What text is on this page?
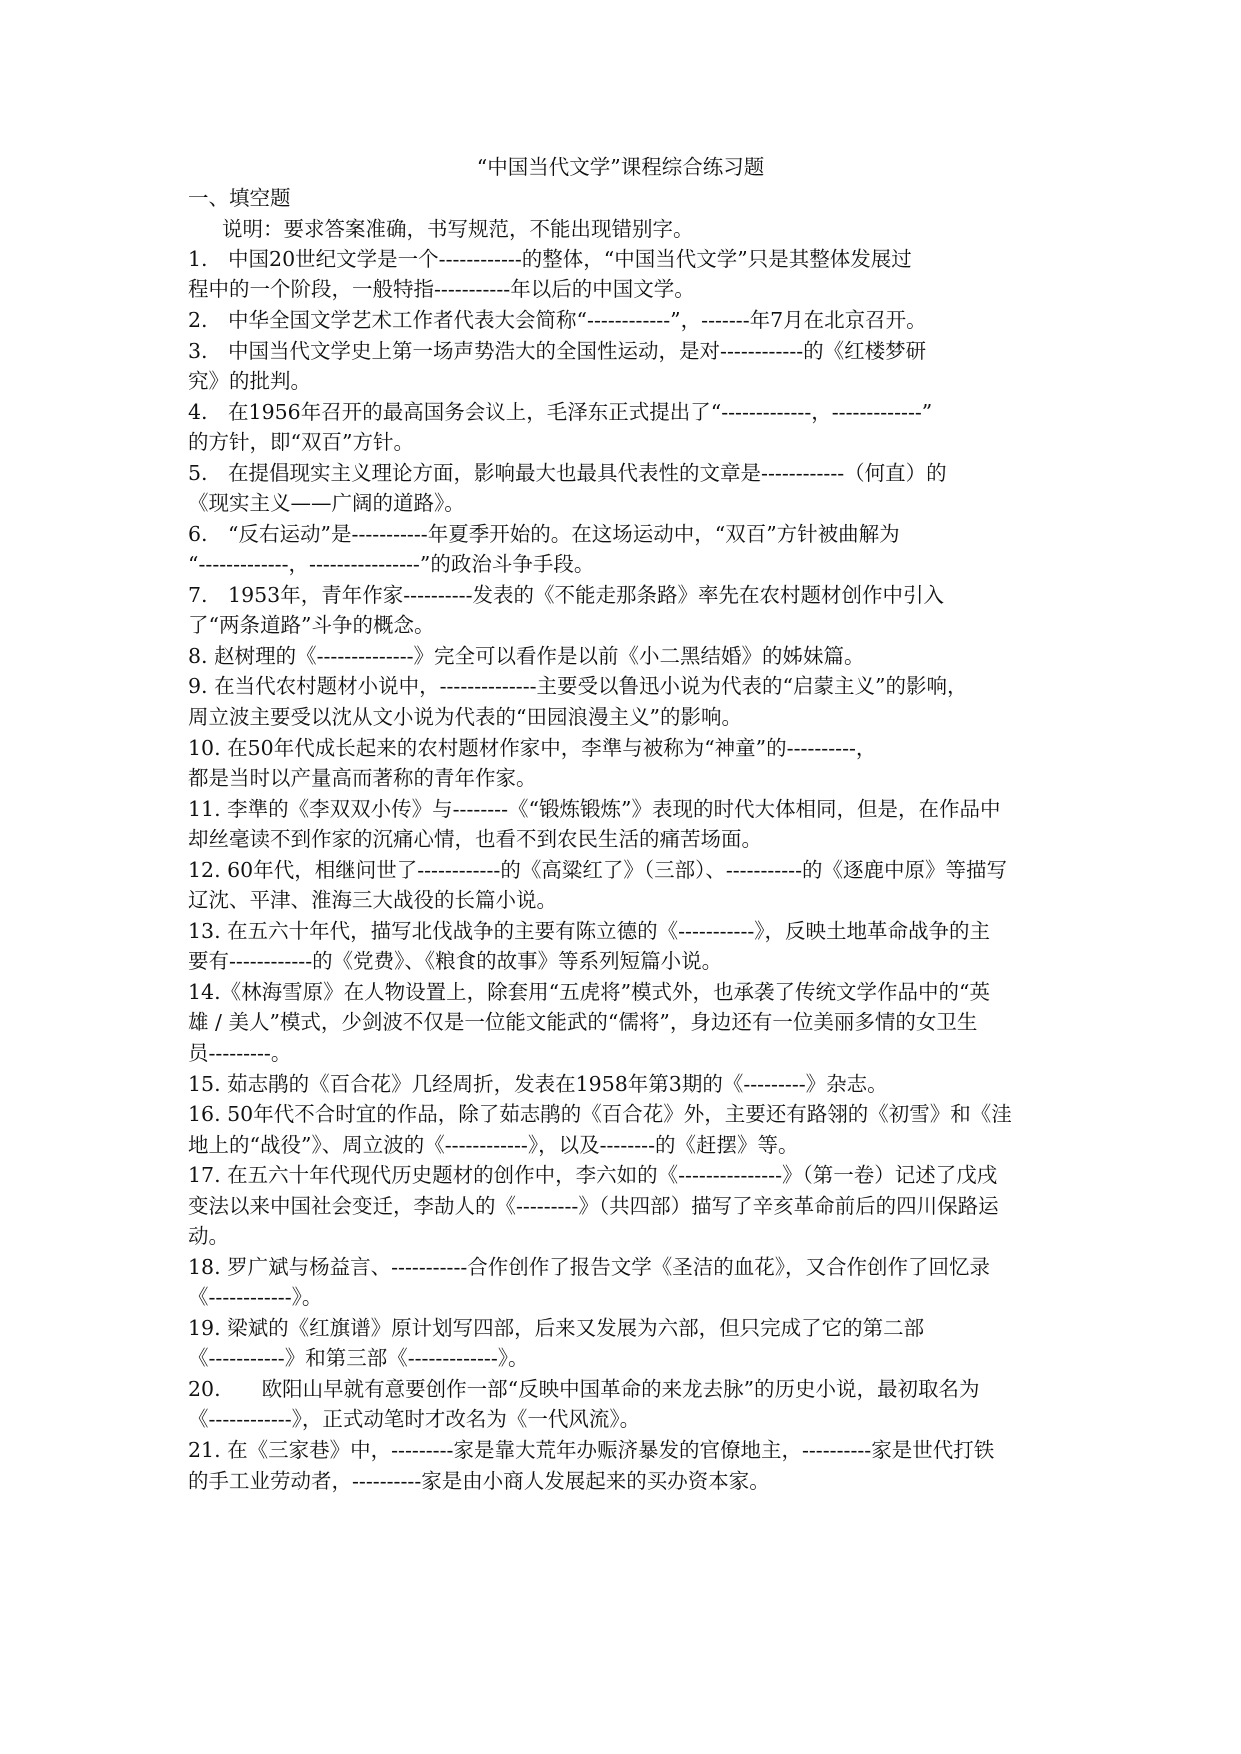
“中国当代文学”课程综合练习题
一、填空题
说明：要求答案准确，书写规范，不能出现错别字。
1.　中国20世纪文学是一个------------的整体，“中国当代文学”只是其整体发展过
程中的一个阶段，一般特指-----------年以后的中国文学。
2.　中华全国文学艺术工作者代表大会简称“------------”，-------年7月在北京召开。
3.　中国当代文学史上第一场声势浩大的全国性运动，是对------------的《红楼梦研
究》的批判。
4.　在1956年召开的最高国务会议上，毛泽东正式提出了“-------------，-------------”
的方针，即“双百”方针。
5.　在提倡现实主义理论方面，影响最大也最具代表性的文章是------------（何直）的
《现实主义——广阔的道路》。
6.　“反右运动”是-----------年夏季开始的。在这场运动中，“双百”方针被曲解为
“-------------，----------------”的政治斗争手段。
7.　1953年，青年作家----------发表的《不能走那条路》率先在农村题材创作中引入
了“两条道路”斗争的概念。
8. 赵树理的《--------------》完全可以看作是以前《小二黑结婚》的姊妹篇。
9. 在当代农村题材小说中，--------------主要受以鲁迅小说为代表的“启蒙主义”的影响，
周立波主要受以沈从文小说为代表的“田园浪漫主义”的影响。
10. 在50年代成长起来的农村题材作家中，李準与被称为“神童”的----------，
都是当时以产量高而著称的青年作家。
11. 李準的《李双双小传》与--------《“锻炼锻炼”》表现的时代大体相同，但是，在作品中
却丝毫读不到作家的沉痛心情，也看不到农民生活的痛苦场面。
12. 60年代，相继问世了------------的《高粱红了》（三部）、-----------的《逐鹿中原》等描写
辽沈、平津、淮海三大战役的长篇小说。
13. 在五六十年代，描写北伐战争的主要有陈立德的《-----------》，反映土地革命战争的主
要有------------的《党费》、《粮食的故事》等系列短篇小说。
14.《林海雪原》在人物设置上，除套用“五虎将”模式外，也承袭了传统文学作品中的“英
雄 / 美人”模式，少剑波不仅是一位能文能武的“儒将”，身边还有一位美丽多情的女卫生
员---------。
15. 茹志鹃的《百合花》几经周折，发表在1958年第3期的《---------》杂志。
16. 50年代不合时宜的作品，除了茹志鹃的《百合花》外，主要还有路翎的《初雪》和《洼
地上的“战役”》、周立波的《------------》，以及--------的《赶摆》等。
17. 在五六十年代现代历史题材的创作中，李六如的《---------------》（第一卷）记述了戊戌
变法以来中国社会变迁，李劼人的《---------》（共四部）描写了辛亥革命前后的四川保路运
动。
18. 罗广斌与杨益言、-----------合作创作了报告文学《圣洁的血花》，又合作创作了回忆录
《------------》。
19. 梁斌的《红旗谱》原计划写四部，后来又发展为六部，但只完成了它的第二部
《-----------》和第三部《-------------》。
20.　　欧阳山早就有意要创作一部“反映中国革命的来龙去脉”的历史小说，最初取名为
《------------》，正式动笔时才改名为《一代风流》。
21. 在《三家巷》中，---------家是靠大荒年办赈济暴发的官僚地主，----------家是世代打铁
的手工业劳动者，----------家是由小商人发展起来的买办资本家。
